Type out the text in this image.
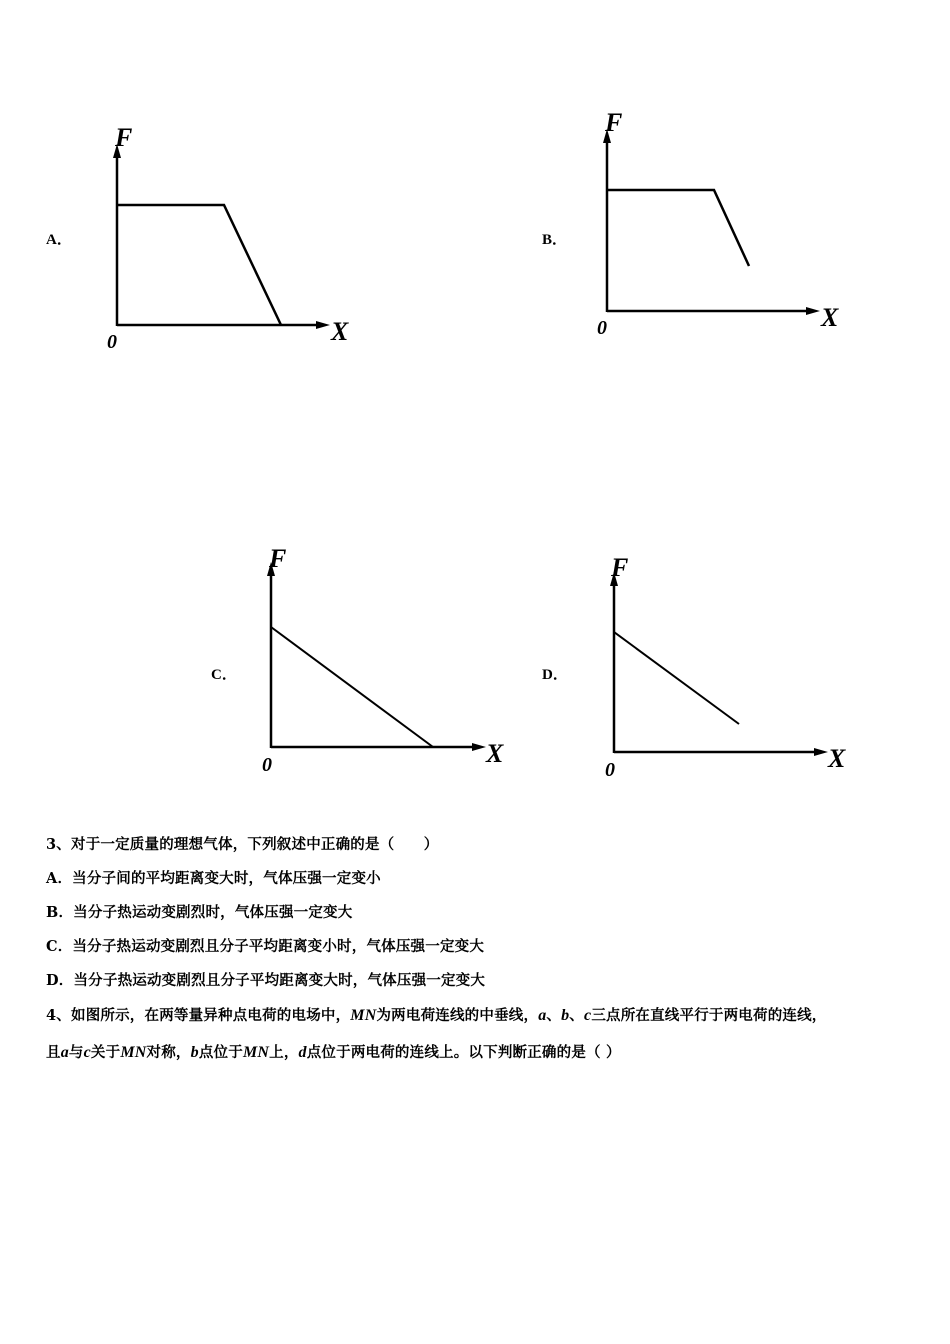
A．	B．
C．	D．
F
X
0
F
X
0
F
X
0
F
X
0
3、对于一定质量的理想气体，下列叙述中正确的是（　　）
A．当分子间的平均距离变大时，气体压强一定变小
B．当分子热运动变剧烈时，气体压强一定变大
C．当分子热运动变剧烈且分子平均距离变小时，气体压强一定变大
D．当分子热运动变剧烈且分子平均距离变大时，气体压强一定变大
4、如图所示，在两等量异种点电荷的电场中，MN为两电荷连线的中垂线，a、b、c三点所在直线平行于两电荷的连线，
且a与c关于MN对称，b点位于MN上，d点位于两电荷的连线上。以下判断正确的是（ ）
